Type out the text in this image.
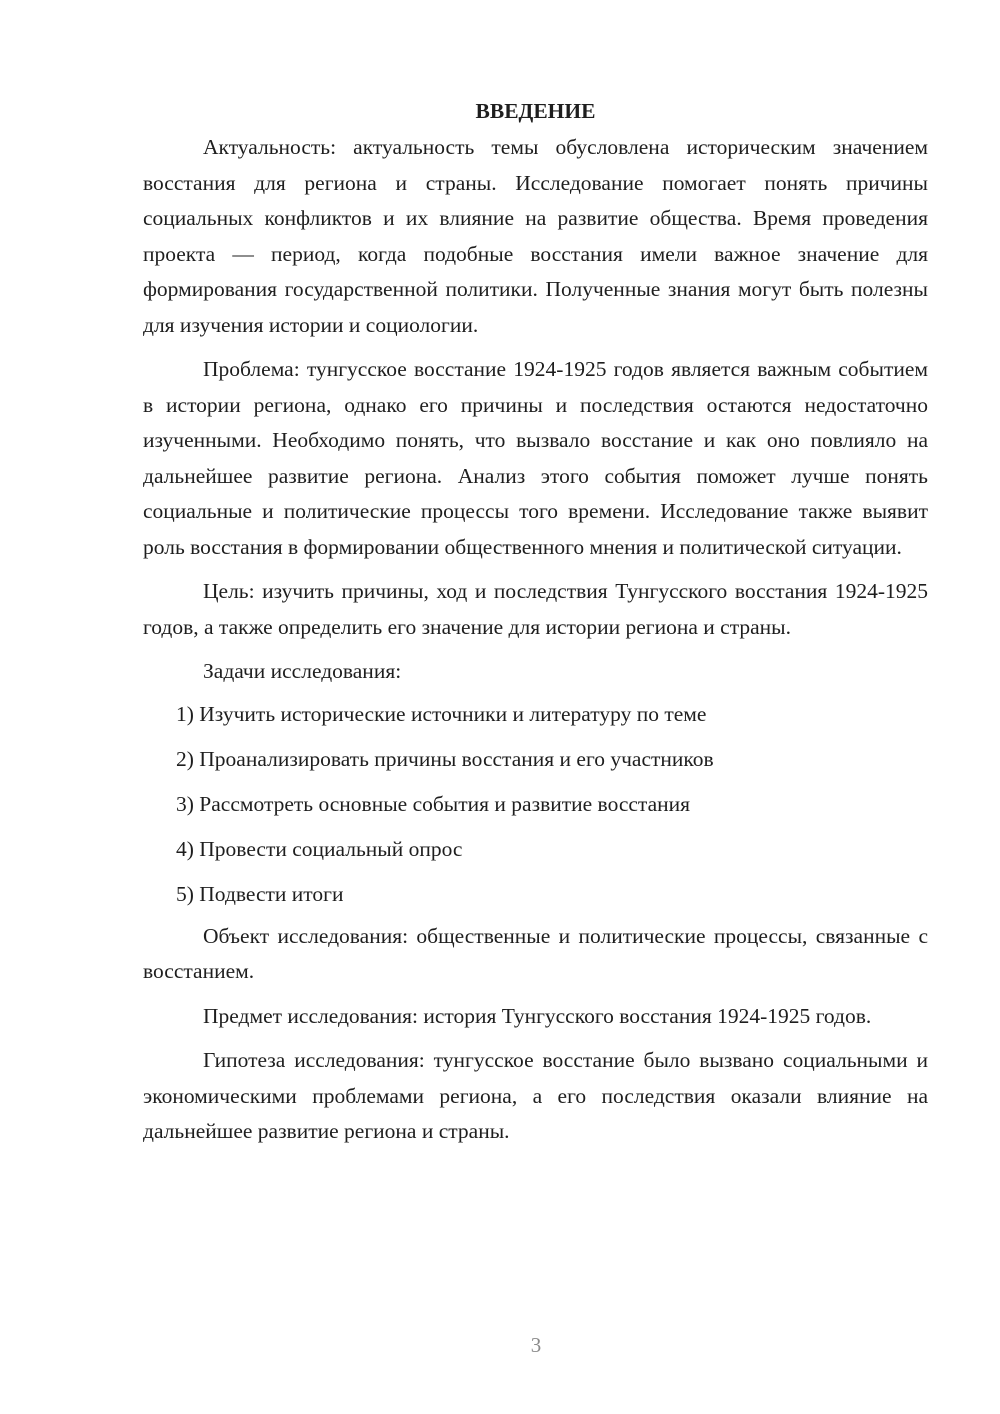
ВВЕДЕНИЕ

Актуальность: актуальность темы обусловлена историческим значением восстания для региона и страны. Исследование помогает понять причины социальных конфликтов и их влияние на развитие общества. Время проведения проекта — период, когда подобные восстания имели важное значение для формирования государственной политики. Полученные знания могут быть полезны для изучения истории и социологии.

Проблема: тунгусское восстание 1924-1925 годов является важным событием в истории региона, однако его причины и последствия остаются недостаточно изученными. Необходимо понять, что вызвало восстание и как оно повлияло на дальнейшее развитие региона. Анализ этого события поможет лучше понять социальные и политические процессы того времени. Исследование также выявит роль восстания в формировании общественного мнения и политической ситуации.

Цель: изучить причины, ход и последствия Тунгусского восстания 1924-1925 годов, а также определить его значение для истории региона и страны.

Задачи исследования:

1) Изучить исторические источники и литературу по теме
2) Проанализировать причины восстания и его участников
3) Рассмотреть основные события и развитие восстания
4) Провести социальный опрос
5) Подвести итоги

Объект исследования: общественные и политические процессы, связанные с восстанием.

Предмет исследования: история Тунгусского восстания 1924-1925 годов.

Гипотеза исследования: тунгусское восстание было вызвано социальными и экономическими проблемами региона, а его последствия оказали влияние на дальнейшее развитие региона и страны.

3
